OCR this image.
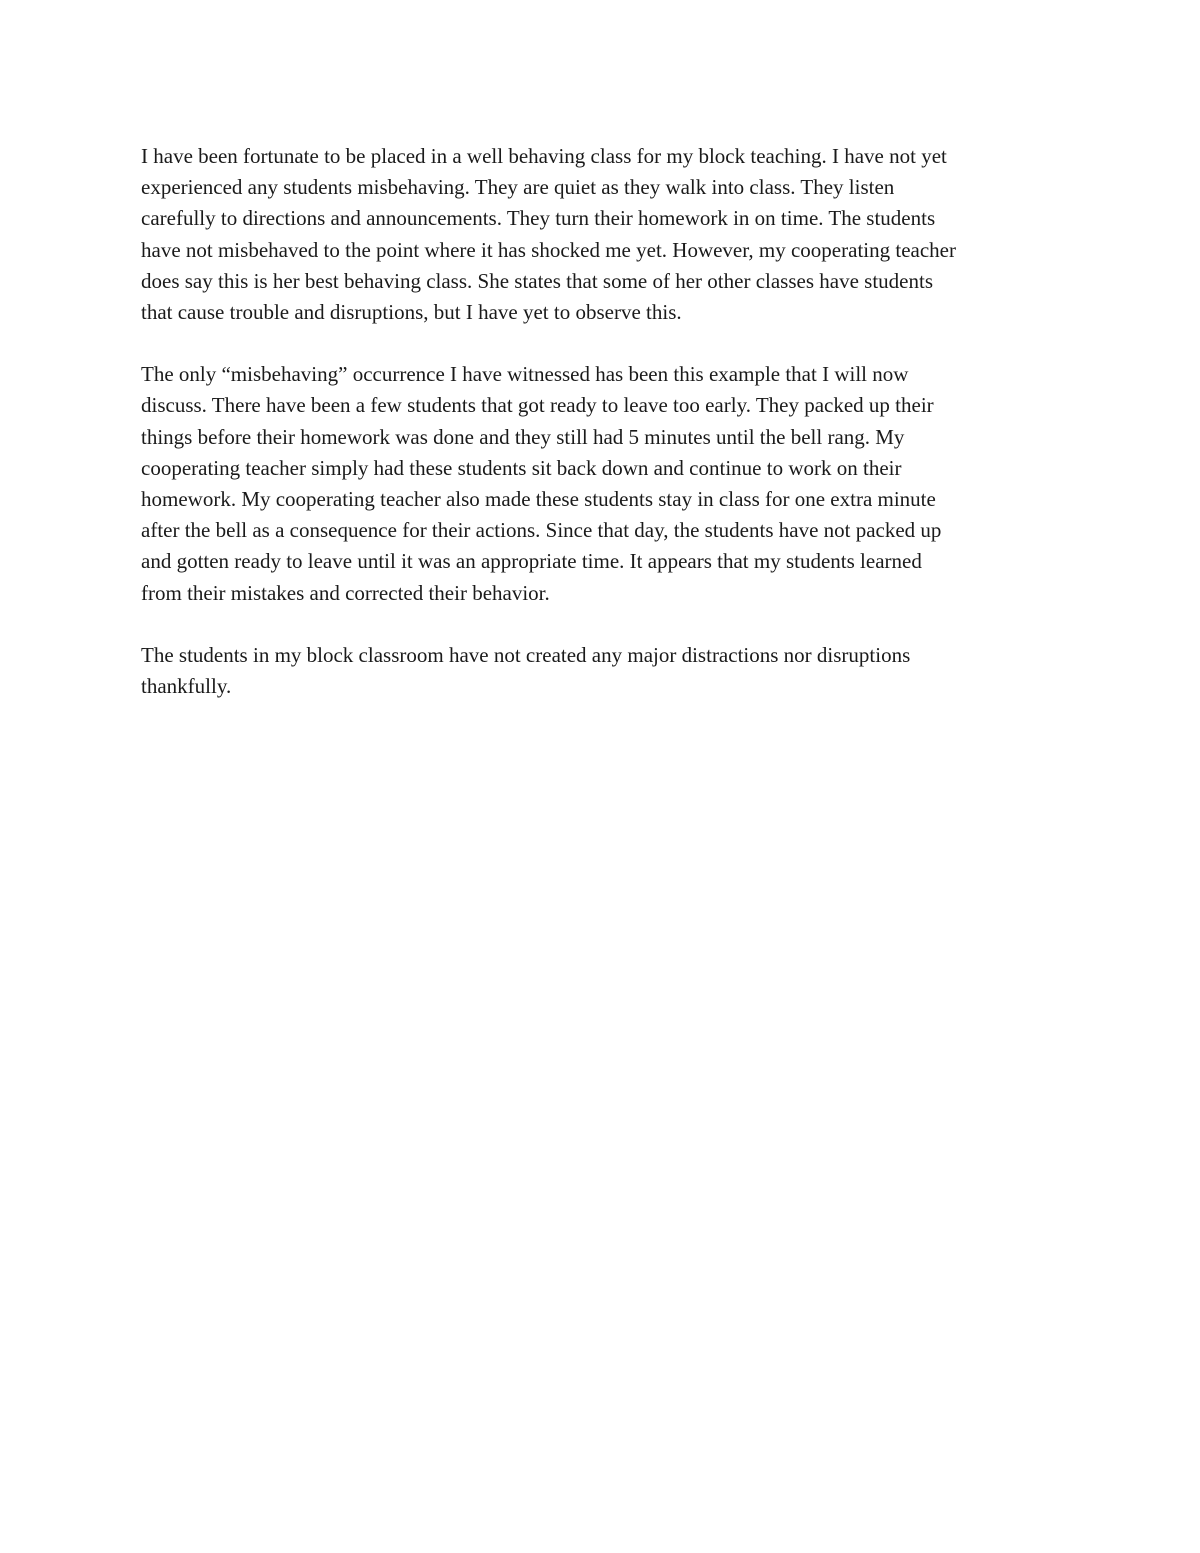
I have been fortunate to be placed in a well behaving class for my block teaching. I have not yet
experienced any students misbehaving. They are quiet as they walk into class. They listen
carefully to directions and announcements. They turn their homework in on time. The students
have not misbehaved to the point where it has shocked me yet. However, my cooperating teacher
does say this is her best behaving class. She states that some of her other classes have students
that cause trouble and disruptions, but I have yet to observe this.

The only “misbehaving” occurrence I have witnessed has been this example that I will now
discuss. There have been a few students that got ready to leave too early. They packed up their
things before their homework was done and they still had 5 minutes until the bell rang. My
cooperating teacher simply had these students sit back down and continue to work on their
homework. My cooperating teacher also made these students stay in class for one extra minute
after the bell as a consequence for their actions. Since that day, the students have not packed up
and gotten ready to leave until it was an appropriate time. It appears that my students learned
from their mistakes and corrected their behavior.

The students in my block classroom have not created any major distractions nor disruptions
thankfully.
